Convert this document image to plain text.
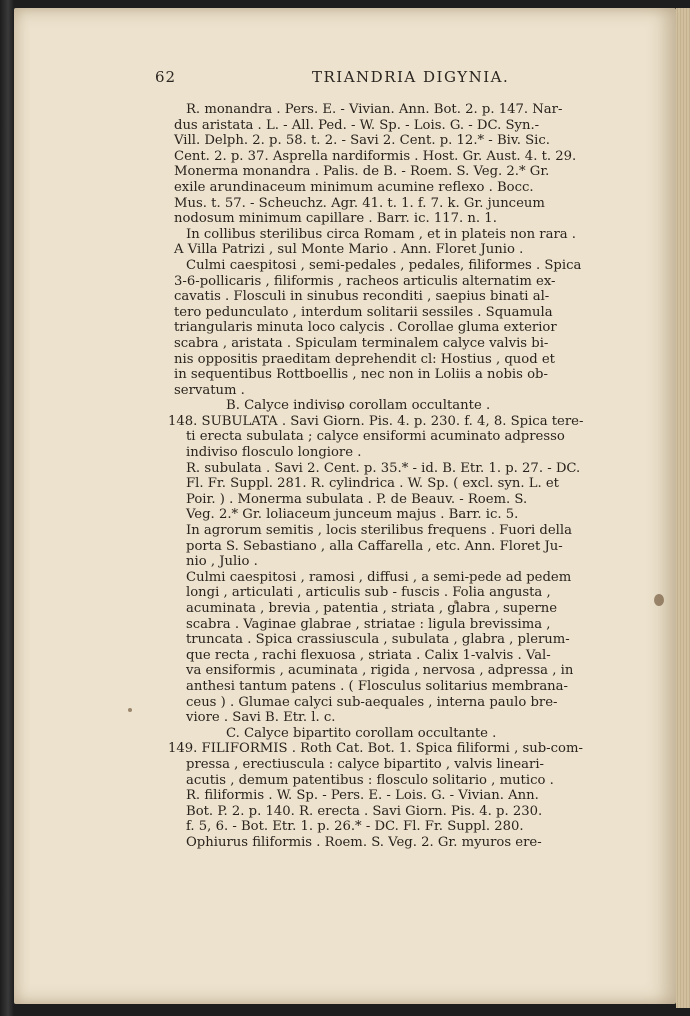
62	TRIANDRIA DIGYNIA.

R. monandra . Pers. E. - Vivian. Ann. Bot. 2. p. 147. Nar-

dus aristata . L. - All. Ped. - W. Sp. - Lois. G. - DC. Syn.-

Vill. Delph. 2. p. 58. t. 2. - Savi 2. Cent. p. 12.* - Biv. Sic.

Cent. 2. p. 37. Asprella nardiformis . Host. Gr. Aust. 4. t. 29.

Monerma monandra . Palis. de B. - Roem. S. Veg. 2.* Gr.

exile arundinaceum minimum acumine reflexo . Bocc.

Mus. t. 57. - Scheuchz. Agr. 41. t. 1. f. 7. k. Gr. junceum

nodosum minimum capillare . Barr. ic. 117. n. 1.

In collibus sterilibus circa Romam , et in plateis non rara .

A Villa Patrizi , sul Monte Mario . Ann. Floret Junio .

Culmi caespitosi , semi-pedales , pedales, filiformes . Spica

3-6-pollicaris , filiformis , racheos articulis alternatim ex-

cavatis . Flosculi in sinubus reconditi , saepius binati al-

tero pedunculato , interdum solitarii sessiles . Squamula

triangularis minuta loco calycis . Corollae gluma exterior

scabra , aristata . Spiculam terminalem calyce valvis bi-

nis oppositis praeditam deprehendit cl: Hostius , quod et

in sequentibus Rottboellis , nec non in Loliis a nobis ob-

servatum .

B. Calyce indiviso corollam occultante .

148. SUBULATA . Savi Giorn. Pis. 4. p. 230. f. 4, 8. Spica tere-

ti erecta subulata ; calyce ensiformi acuminato adpresso

indiviso flosculo longiore .

R. subulata . Savi 2. Cent. p. 35.* - id. B. Etr. 1. p. 27. - DC.

Fl. Fr. Suppl. 281. R. cylindrica . W. Sp. ( excl. syn. L. et

Poir. ) . Monerma subulata . P. de Beauv. - Roem. S.

Veg. 2.* Gr. loliaceum junceum majus . Barr. ic. 5.

In agrorum semitis , locis sterilibus frequens . Fuori della

porta S. Sebastiano , alla Caffarella , etc. Ann. Floret Ju-

nio , Julio .

Culmi caespitosi , ramosi , diffusi , a semi-pede ad pedem

longi , articulati , articulis sub - fuscis . Folia angusta ,

acuminata , brevia , patentia , striata , glabra , superne

scabra . Vaginae glabrae , striatae : ligula brevissima ,

truncata . Spica crassiuscula , subulata , glabra , plerum-

que recta , rachi flexuosa , striata . Calix 1-valvis . Val-

va ensiformis , acuminata , rigida , nervosa , adpressa , in

anthesi tantum patens . ( Flosculus solitarius membrana-

ceus ) . Glumae calyci sub-aequales , interna paulo bre-

viore . Savi B. Etr. l. c.

C. Calyce bipartito corollam occultante .

149. FILIFORMIS . Roth Cat. Bot. 1. Spica filiformi , sub-com-

pressa , erectiuscula : calyce bipartito , valvis lineari-

acutis , demum patentibus : flosculo solitario , mutico .

R. filiformis . W. Sp. - Pers. E. - Lois. G. - Vivian. Ann.

Bot. P. 2. p. 140. R. erecta . Savi Giorn. Pis. 4. p. 230.

f. 5, 6. - Bot. Etr. 1. p. 26.* - DC. Fl. Fr. Suppl. 280.

Ophiurus filiformis . Roem. S. Veg. 2. Gr. myuros ere-
